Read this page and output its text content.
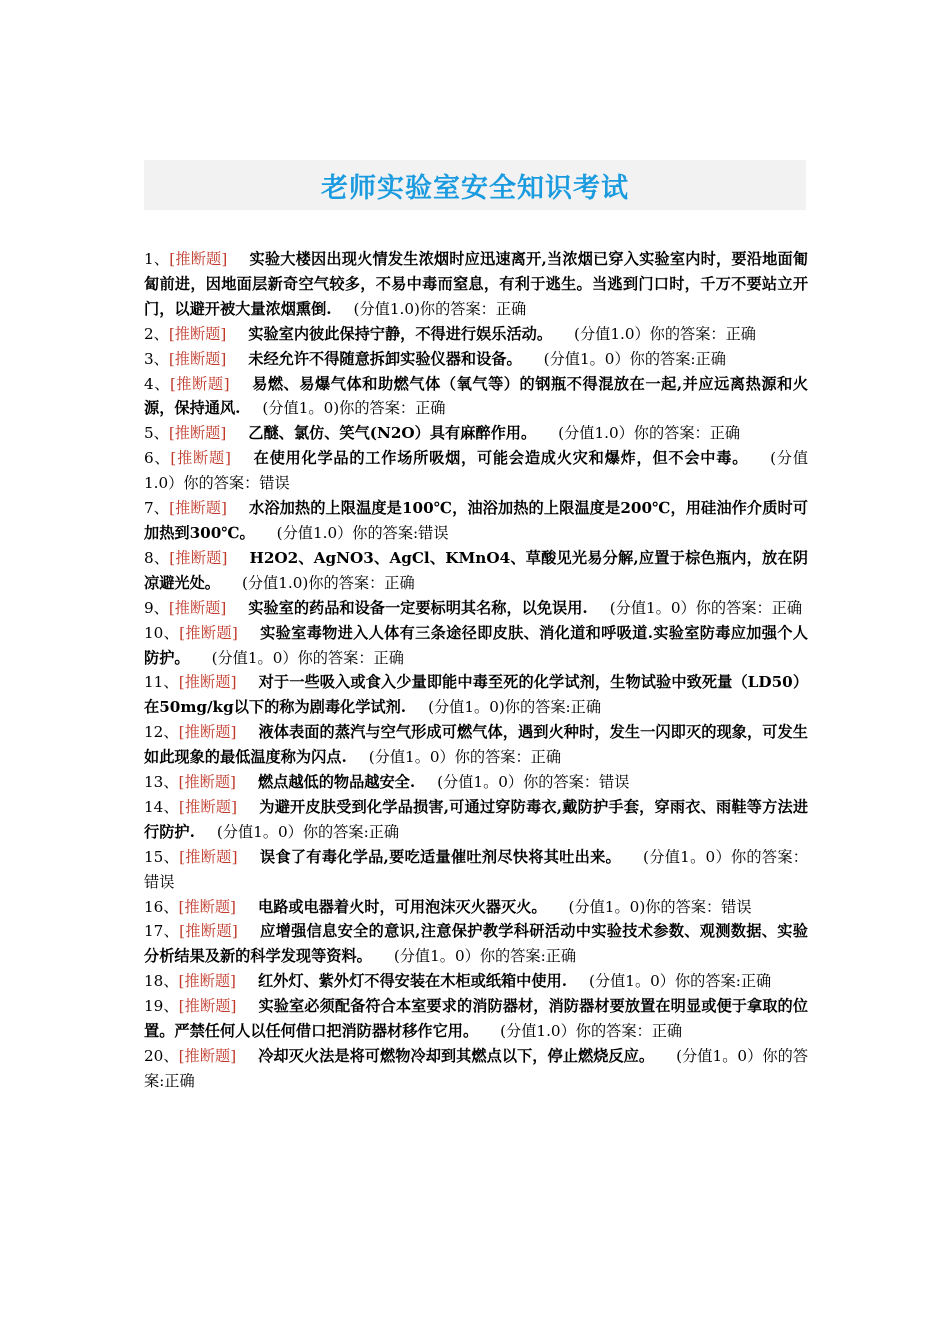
老师实验室安全知识考试
1、[推断题] 实验大楼因出现火情发生浓烟时应迅速离开,当浓烟已穿入实验室内时，要沿地面匍匐前进，因地面层新奇空气较多，不易中毒而窒息，有利于逃生。当逃到门口时，千万不要站立开门，以避开被大量浓烟熏倒. (分值1.0)你的答案：正确
2、[推断题] 实验室内彼此保持宁静，不得进行娱乐活动。 (分值1.0）你的答案：正确
3、[推断题] 未经允许不得随意拆卸实验仪器和设备。 (分值1。0）你的答案:正确
4、[推断题] 易燃、易爆气体和助燃气体（氧气等）的钢瓶不得混放在一起,并应远离热源和火源，保持通风. (分值1。0)你的答案：正确
5、[推断题] 乙醚、氯仿、笑气(N2O）具有麻醉作用。 (分值1.0）你的答案：正确
6、[推断题] 在使用化学品的工作场所吸烟，可能会造成火灾和爆炸，但不会中毒。 (分值1.0）你的答案：错误
7、[推断题] 水浴加热的上限温度是100℃，油浴加热的上限温度是200℃，用硅油作介质时可加热到300℃。 (分值1.0）你的答案:错误
8、[推断题] H2O2、AgNO3、AgCl、KMnO4、草酸见光易分解,应置于棕色瓶内，放在阴凉避光处。 (分值1.0)你的答案：正确
9、[推断题] 实验室的药品和设备一定要标明其名称，以免误用. (分值1。0）你的答案：正确
10、[推断题] 实验室毒物进入人体有三条途径即皮肤、消化道和呼吸道.实验室防毒应加强个人防护。 (分值1。0）你的答案：正确
11、[推断题] 对于一些吸入或食入少量即能中毒至死的化学试剂，生物试验中致死量（LD50）在50mg/kg以下的称为剧毒化学试剂. (分值1。0)你的答案:正确
12、[推断题] 液体表面的蒸汽与空气形成可燃气体，遇到火种时，发生一闪即灭的现象，可发生如此现象的最低温度称为闪点. (分值1。0）你的答案：正确
13、[推断题] 燃点越低的物品越安全. (分值1。0）你的答案：错误
14、[推断题] 为避开皮肤受到化学品损害,可通过穿防毒衣,戴防护手套，穿雨衣、雨鞋等方法进行防护. (分值1。0）你的答案:正确
15、[推断题] 误食了有毒化学品,要吃适量催吐剂尽快将其吐出来。 (分值1。0）你的答案：错误
16、[推断题] 电路或电器着火时，可用泡沫灭火器灭火。 (分值1。0)你的答案：错误
17、[推断题] 应增强信息安全的意识,注意保护教学科研活动中实验技术参数、观测数据、实验分析结果及新的科学发现等资料。 (分值1。0）你的答案:正确
18、[推断题] 红外灯、紫外灯不得安装在木柜或纸箱中使用. (分值1。0）你的答案:正确
19、[推断题] 实验室必须配备符合本室要求的消防器材，消防器材要放置在明显或便于拿取的位置。严禁任何人以任何借口把消防器材移作它用。 (分值1.0）你的答案：正确
20、[推断题] 冷却灭火法是将可燃物冷却到其燃点以下，停止燃烧反应。 (分值1。0）你的答案:正确
